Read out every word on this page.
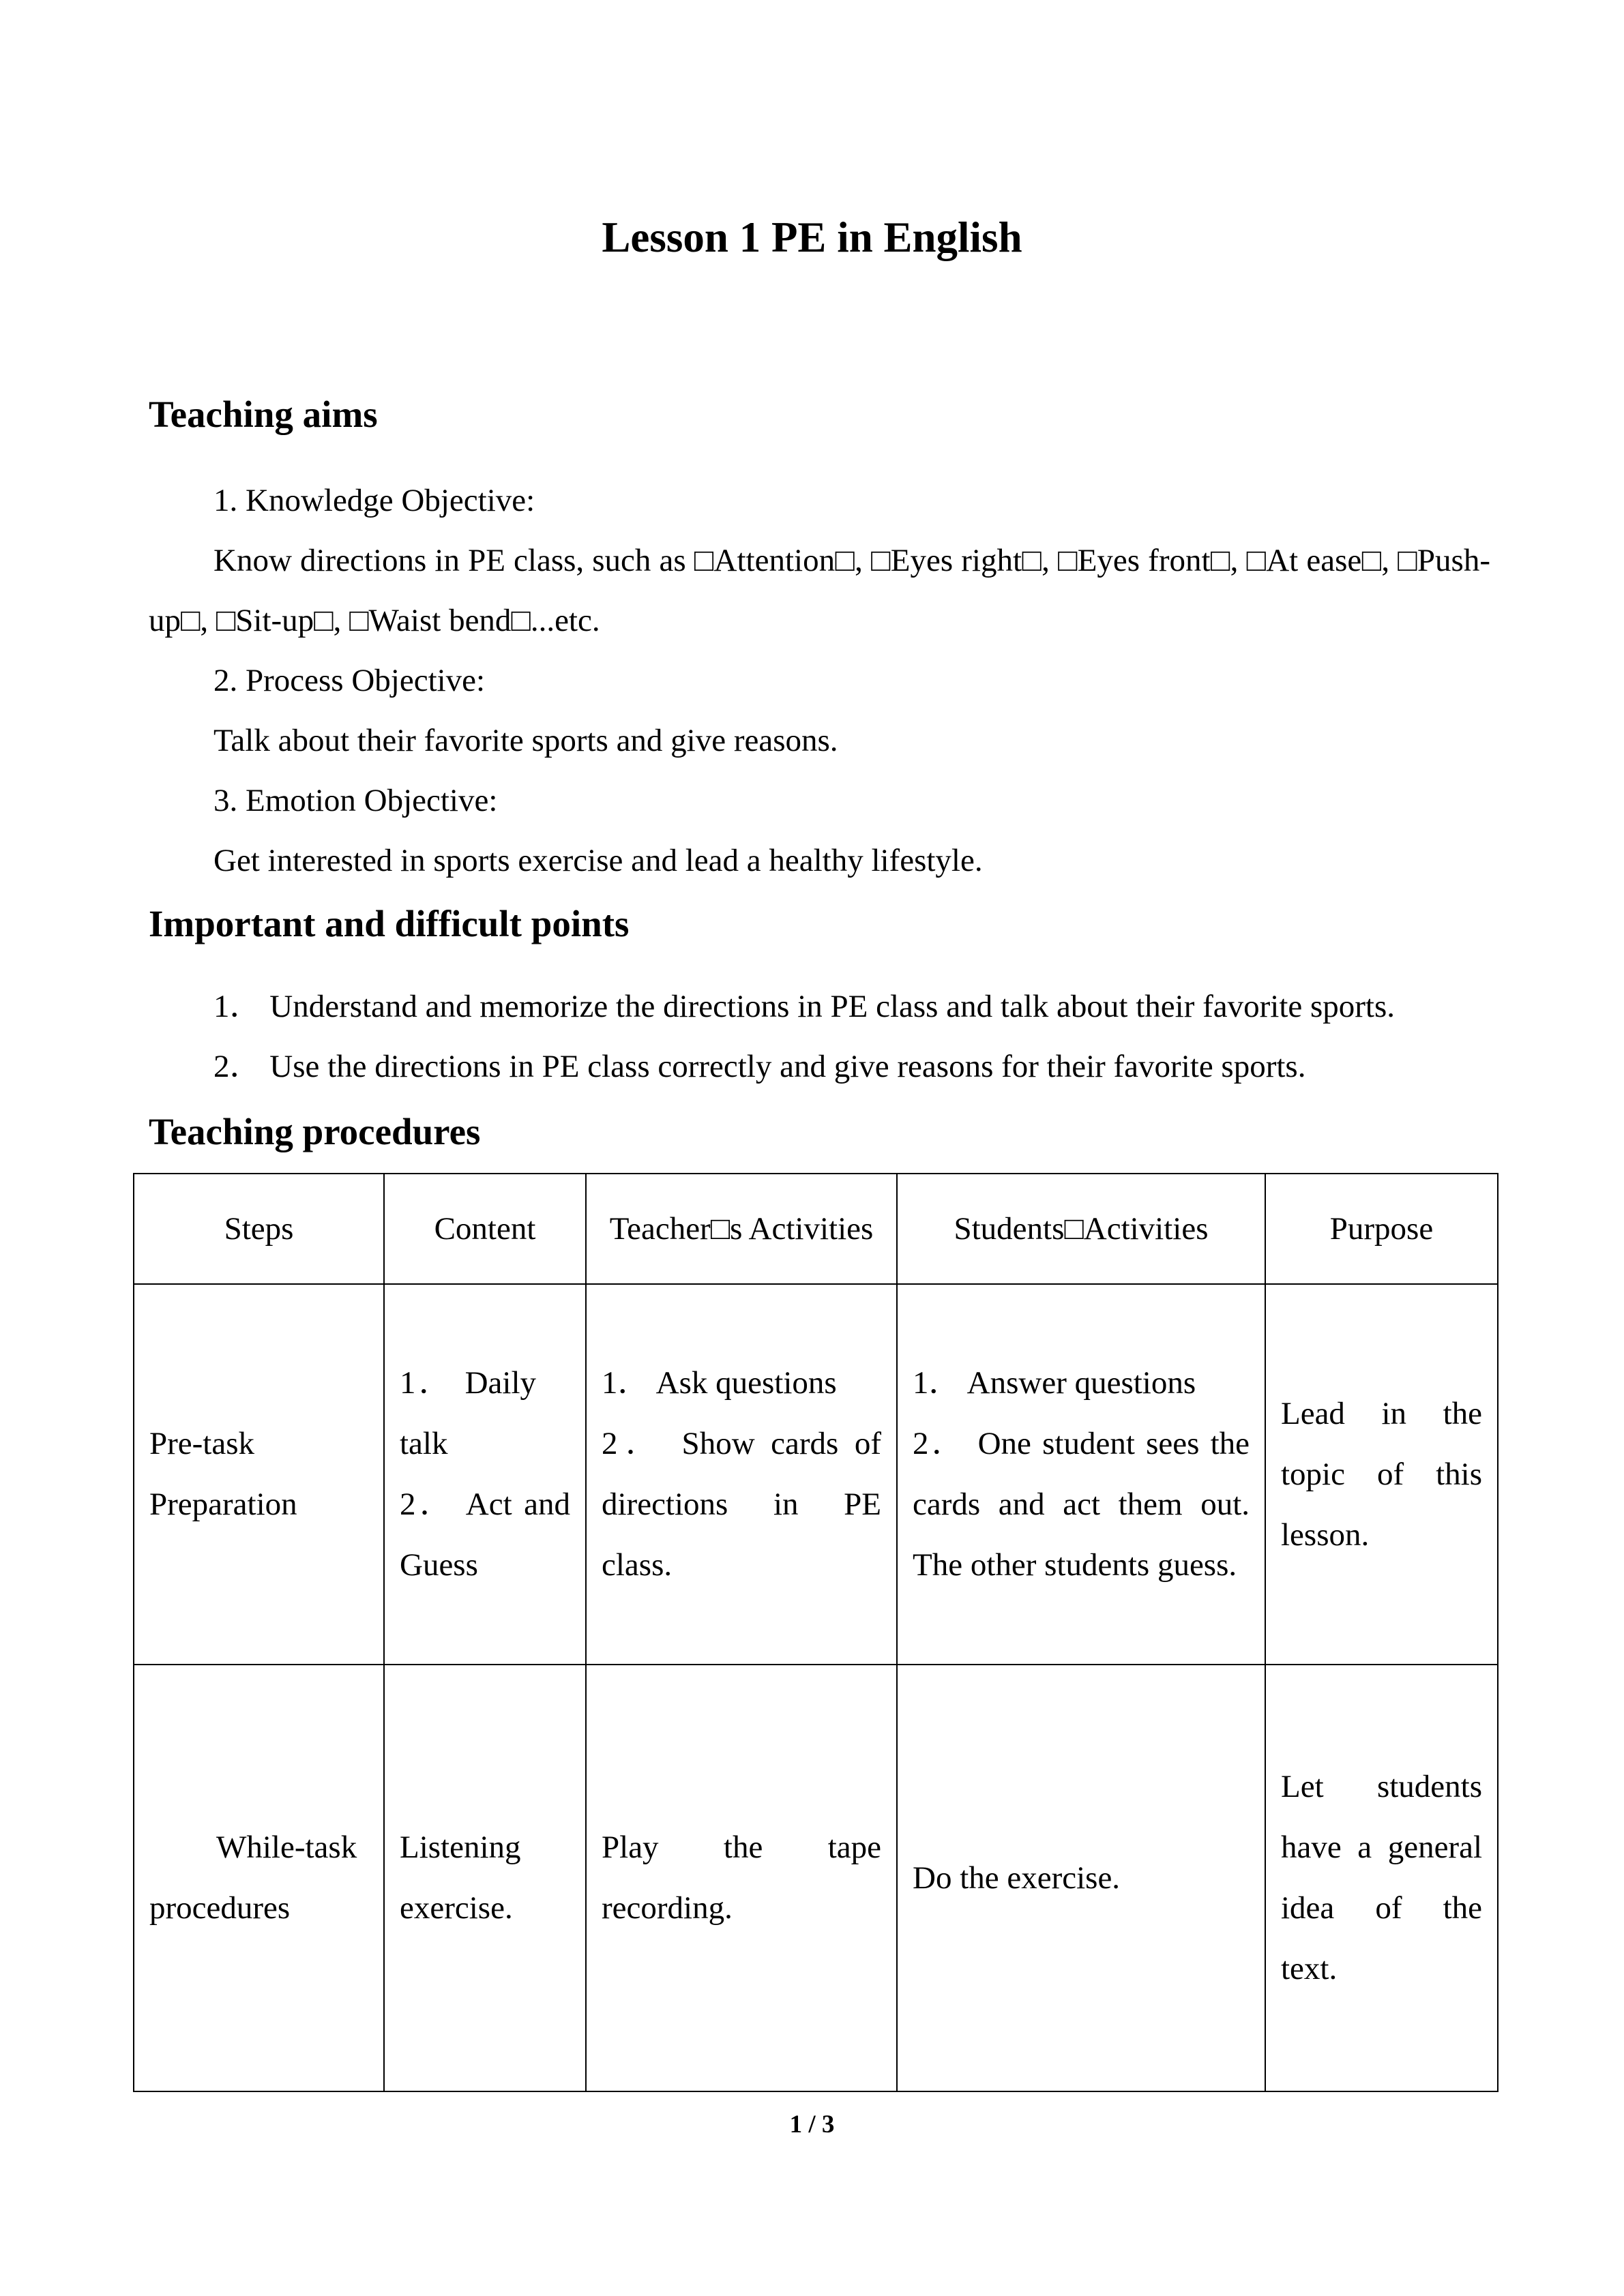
Lesson 1 PE in English
Teaching aims
1. Knowledge Objective:
Know directions in PE class, such as □Attention□, □Eyes right□, □Eyes front□, □At ease□, □Push-
up□, □Sit-up□, □Waist bend□...etc.
2. Process Objective:
Talk about their favorite sports and give reasons.
3. Emotion Objective:
Get interested in sports exercise and lead a healthy lifestyle.
Important and difficult points
1． Understand and memorize the directions in PE class and talk about their favorite sports.
2． Use the directions in PE class correctly and give reasons for their favorite sports.
Teaching procedures
Steps	Content	Teacher□s Activities	Students□Activities	Purpose

Pre-task
Preparation	1． Daily
talk
2． Act and
Guess	1． Ask questions
2． Show cards of
directions in PE
class.	1． Answer questions
2． One student sees the
cards and act them out.
The other students guess.	Lead in the
topic of this
lesson.

While-task
procedures	Listening
exercise.	Play the tape
recording.	Do the exercise.	Let students
have a general
idea of the
text.
1 / 3
